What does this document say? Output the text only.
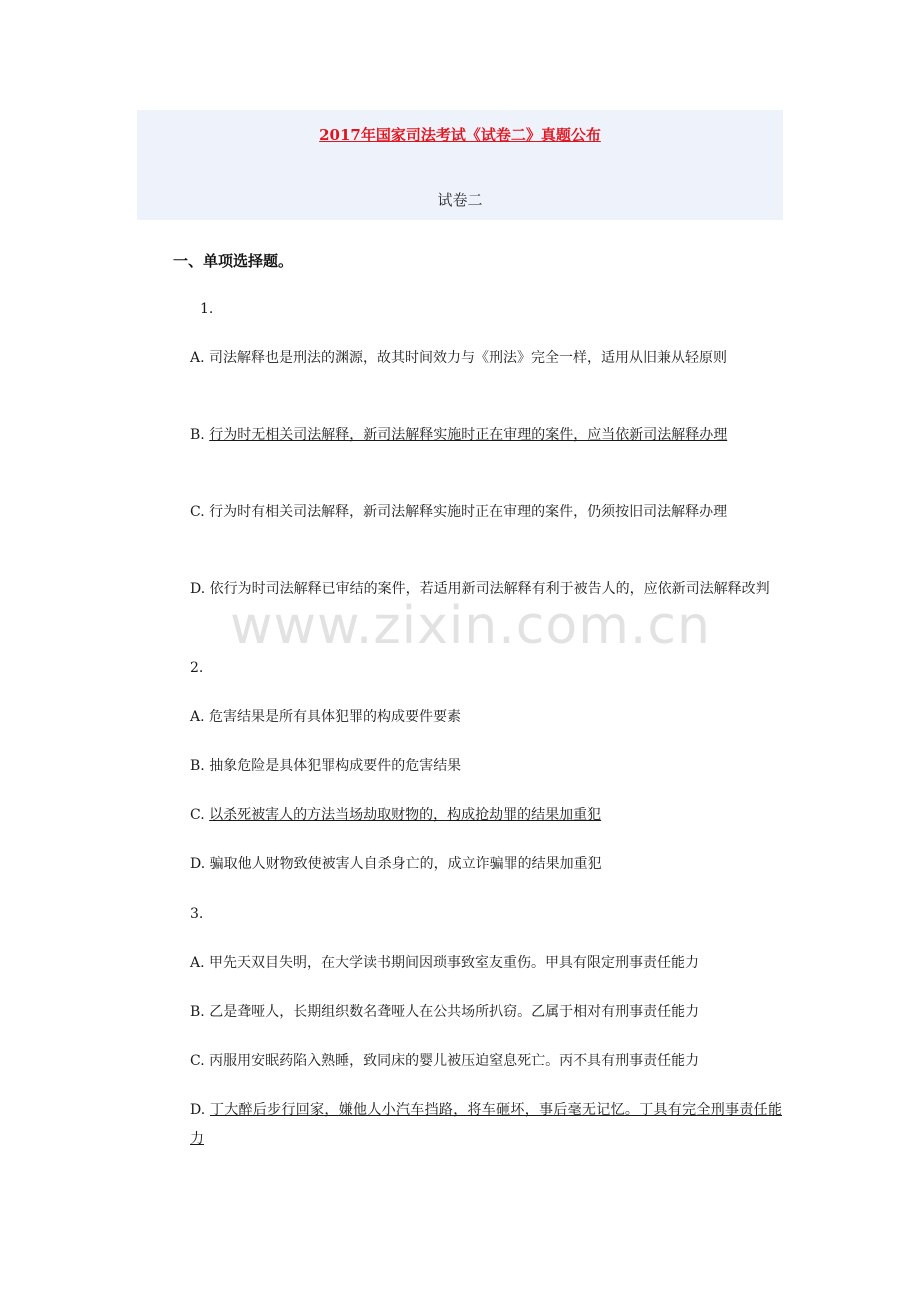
2017年国家司法考试《试卷二》真题公布
试卷二
一、单项选择题。
1.
A. 司法解释也是刑法的渊源，故其时间效力与《刑法》完全一样，适用从旧兼从轻原则
B. 行为时无相关司法解释，新司法解释实施时正在审理的案件，应当依新司法解释办理
C. 行为时有相关司法解释，新司法解释实施时正在审理的案件，仍须按旧司法解释办理
D. 依行为时司法解释已审结的案件，若适用新司法解释有利于被告人的，应依新司法解释改判
2.
A. 危害结果是所有具体犯罪的构成要件要素
B. 抽象危险是具体犯罪构成要件的危害结果
C. 以杀死被害人的方法当场劫取财物的，构成抢劫罪的结果加重犯
D. 骗取他人财物致使被害人自杀身亡的，成立诈骗罪的结果加重犯
3.
A. 甲先天双目失明，在大学读书期间因琐事致室友重伤。甲具有限定刑事责任能力
B. 乙是聋哑人，长期组织数名聋哑人在公共场所扒窃。乙属于相对有刑事责任能力
C. 丙服用安眠药陷入熟睡，致同床的婴儿被压迫窒息死亡。丙不具有刑事责任能力
D. 丁大醉后步行回家，嫌他人小汽车挡路，将车砸坏，事后毫无记忆。丁具有完全刑事责任能力
www.zixin.com.cn
